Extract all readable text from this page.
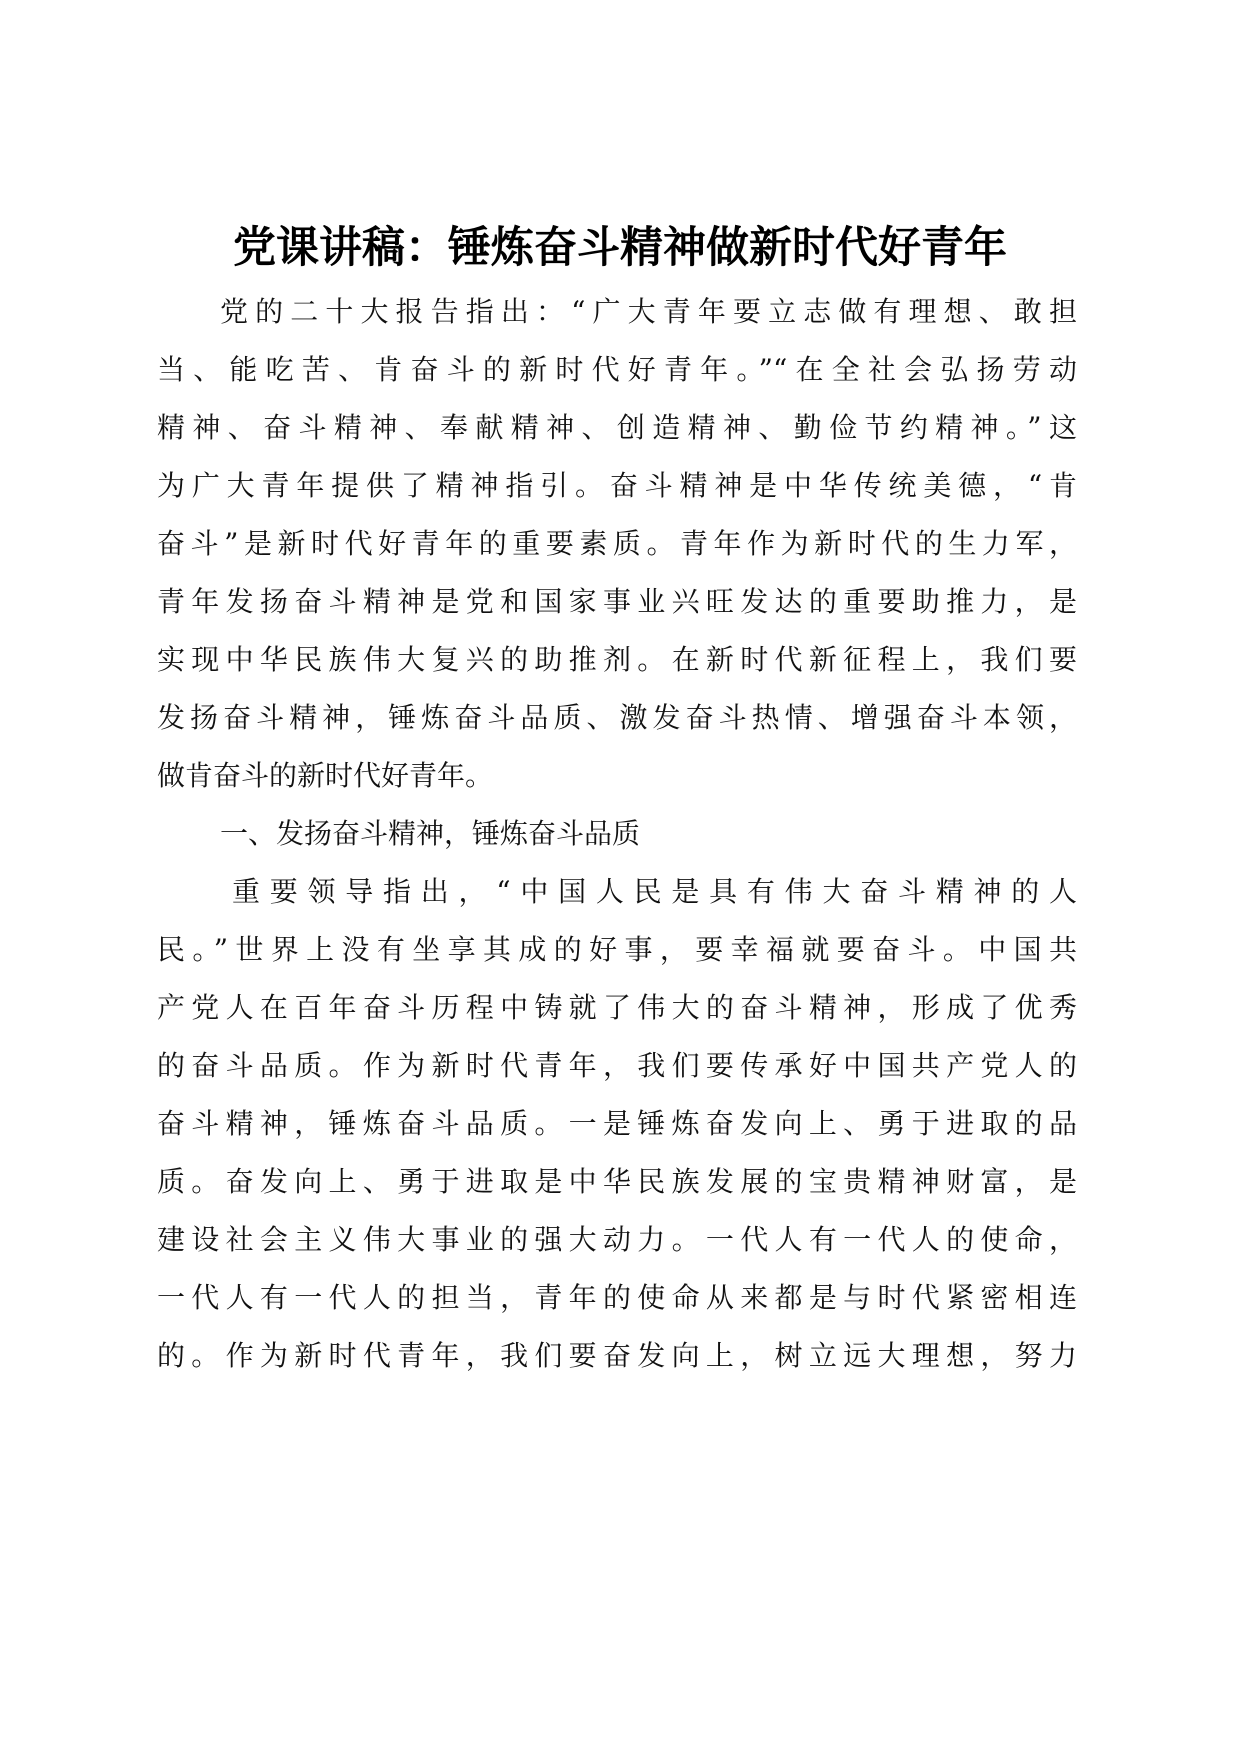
党课讲稿：锤炼奋斗精神做新时代好青年
党的二十大报告指出：“广大青年要立志做有理想、敢担
当、能吃苦、肯奋斗的新时代好青年。”“在全社会弘扬劳动
精神、奋斗精神、奉献精神、创造精神、勤俭节约精神。”这
为广大青年提供了精神指引。奋斗精神是中华传统美德，“肯
奋斗”是新时代好青年的重要素质。青年作为新时代的生力军，
青年发扬奋斗精神是党和国家事业兴旺发达的重要助推力，是
实现中华民族伟大复兴的助推剂。在新时代新征程上，我们要
发扬奋斗精神，锤炼奋斗品质、激发奋斗热情、增强奋斗本领，
做肯奋斗的新时代好青年。
一、发扬奋斗精神，锤炼奋斗品质
重要领导指出，“中国人民是具有伟大奋斗精神的人
民。”世界上没有坐享其成的好事，要幸福就要奋斗。中国共
产党人在百年奋斗历程中铸就了伟大的奋斗精神，形成了优秀
的奋斗品质。作为新时代青年，我们要传承好中国共产党人的
奋斗精神，锤炼奋斗品质。一是锤炼奋发向上、勇于进取的品
质。奋发向上、勇于进取是中华民族发展的宝贵精神财富，是
建设社会主义伟大事业的强大动力。一代人有一代人的使命，
一代人有一代人的担当，青年的使命从来都是与时代紧密相连
的。作为新时代青年，我们要奋发向上，树立远大理想，努力
